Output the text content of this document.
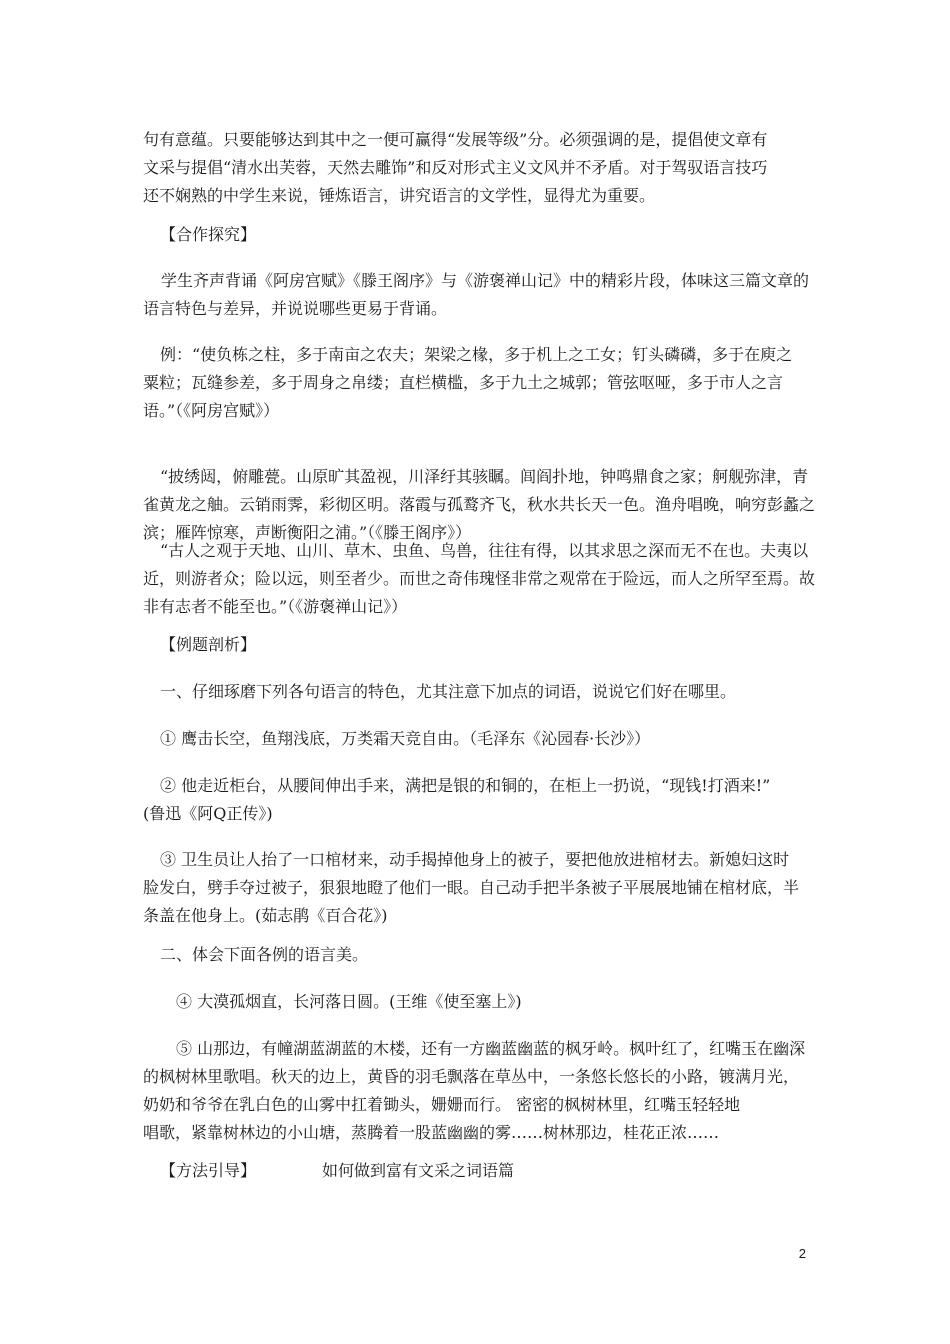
句有意蕴。只要能够达到其中之一便可赢得“发展等级”分。必须强调的是，提倡使文章有
文采与提倡“清水出芙蓉，天然去雕饰”和反对形式主义文风并不矛盾。对于驾驭语言技巧
还不娴熟的中学生来说，锤炼语言，讲究语言的文学性，显得尤为重要。
【合作探究】
学生齐声背诵《阿房宫赋》《滕王阁序》与《游褒禅山记》中的精彩片段，体味这三篇文章的
语言特色与差异，并说说哪些更易于背诵。
例：“使负栋之柱，多于南亩之农夫；架梁之椽，多于机上之工女；钉头磷磷，多于在庾之
粟粒；瓦缝参差，多于周身之帛缕；直栏横槛，多于九土之城郭；管弦呕哑，多于市人之言
语。”（《阿房宫赋》）
“披绣闼，俯雕甍。山原旷其盈视，川泽纡其骇瞩。闾阎扑地，钟鸣鼎食之家；舸舰弥津，青
雀黄龙之舳。云销雨霁，彩彻区明。落霞与孤鹜齐飞，秋水共长天一色。渔舟唱晚，响穷彭蠡之
滨；雁阵惊寒，声断衡阳之浦。”（《滕王阁序》）
“古人之观于天地、山川、草木、虫鱼、鸟兽，往往有得，以其求思之深而无不在也。夫夷以
近，则游者众；险以远，则至者少。而世之奇伟瑰怪非常之观常在于险远，而人之所罕至焉。故
非有志者不能至也。”（《游褒禅山记》）
【例题剖析】
一、仔细琢磨下列各句语言的特色，尤其注意下加点的词语，说说它们好在哪里。
① 鹰击长空，鱼翔浅底，万类霜天竞自由。（毛泽东《沁园春·长沙》）
② 他走近柜台，从腰间伸出手来，满把是银的和铜的，在柜上一扔说，“现钱!打酒来!”
(鲁迅《阿Q正传》)
③ 卫生员让人抬了一口棺材来，动手揭掉他身上的被子，要把他放进棺材去。新媳妇这时
脸发白，劈手夺过被子，狠狠地瞪了他们一眼。自己动手把半条被子平展展地铺在棺材底，半
条盖在他身上。(茹志鹃《百合花》)
二、体会下面各例的语言美。
④ 大漠孤烟直，长河落日圆。(王维《使至塞上》)
⑤ 山那边，有幢湖蓝湖蓝的木楼，还有一方幽蓝幽蓝的枫牙岭。枫叶红了，红嘴玉在幽深
的枫树林里歌唱。秋天的边上，黄昏的羽毛飘落在草丛中，一条悠长悠长的小路，镀满月光，
奶奶和爷爷在乳白色的山雾中扛着锄头，姗姗而行。 密密的枫树林里，红嘴玉轻轻地
唱歌，紧靠树林边的小山塘，蒸腾着一股蓝幽幽的雾……树林那边，桂花正浓……
【方法引导】	如何做到富有文采之词语篇
2
